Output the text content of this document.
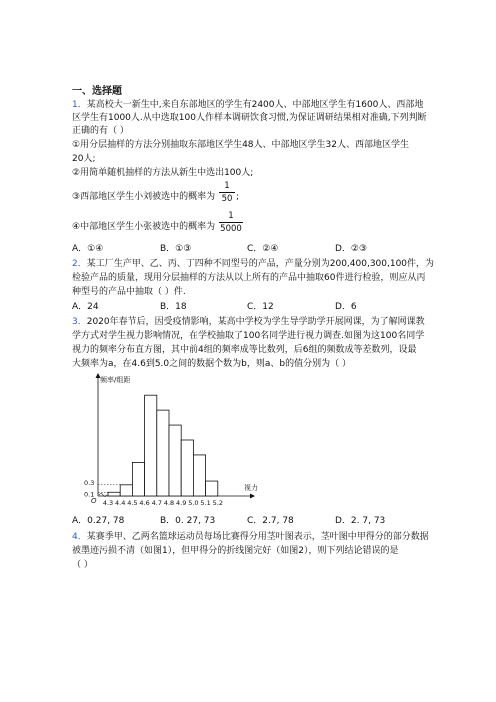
一、选择题
1．某高校大一新生中,来自东部地区的学生有2400人、中部地区学生有1600人、西部地
区学生有1000人.从中选取100人作样本调研饮食习惯,为保证调研结果相对准确,下列判断
正确的有（ ）
①用分层抽样的方法分别抽取东部地区学生48人、中部地区学生32人、西部地区学生
20人;
②用简单随机抽样的方法从新生中选出100人;
③西部地区学生小刘被选中的概率为
1
50 ;
④中部地区学生小张被选中的概率为
1
5000
A．①④	B．①③	C．②④	D．②③
2．某工厂生产甲、乙、丙、丁四种不同型号的产品，产量分别为200,400,300,100件，为
检验产品的质量，现用分层抽样的方法从以上所有的产品中抽取60件进行检验，则应从丙
种型号的产品中抽取（ ）件.
A．24	B．18	C．12	D．6
3．2020年春节后，因受疫情影响，某高中学校为学生导学助学开展网课，为了解网课教
学方式对学生视力影响情况，在学校抽取了100名同学进行视力调查.如图为这100名同学
视力的频率分布直方图，其中前4组的频率成等比数列，后6组的频数成等差数列，设最
大频率为a，在4.6到5.0之间的数据个数为b，则a、b的值分别为（ ）
频率/组距
视力
O
0.3
0.1
4.3 4.4 4.5 4.6 4.7 4.8 4.9 5.0 5.1 5.2
A．0.27, 78	B．0. 27, 73	C．2.7, 78	D．2. 7, 73
4．某赛季甲、乙两名篮球运动员每场比赛得分用茎叶图表示，茎叶图中甲得分的部分数据
被墨迹污损不清（如图1），但甲得分的折线图完好（如图2），则下列结论错误的是
（ ）
